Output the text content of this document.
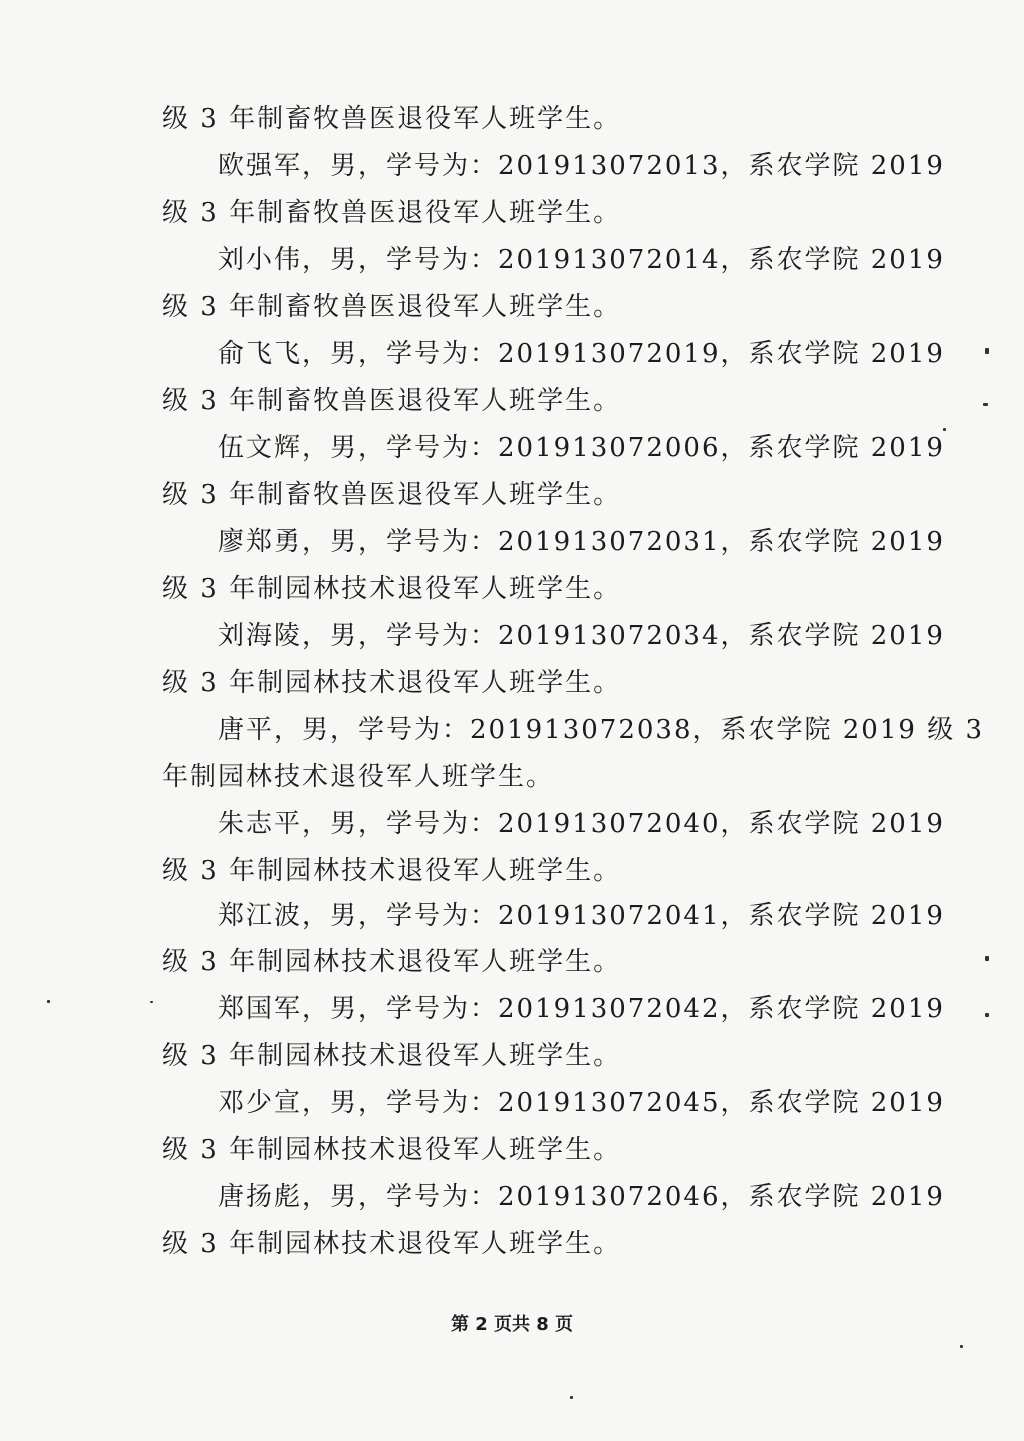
级 3 年制畜牧兽医退役军人班学生。
欧强军，男，学号为：201913072013，系农学院 2019
级 3 年制畜牧兽医退役军人班学生。
刘小伟，男，学号为：201913072014，系农学院 2019
级 3 年制畜牧兽医退役军人班学生。
俞飞飞，男，学号为：201913072019，系农学院 2019
级 3 年制畜牧兽医退役军人班学生。
伍文辉，男，学号为：201913072006，系农学院 2019
级 3 年制畜牧兽医退役军人班学生。
廖郑勇，男，学号为：201913072031，系农学院 2019
级 3 年制园林技术退役军人班学生。
刘海陵，男，学号为：201913072034，系农学院 2019
级 3 年制园林技术退役军人班学生。
唐平，男，学号为：201913072038，系农学院 2019 级 3
年制园林技术退役军人班学生。
朱志平，男，学号为：201913072040，系农学院 2019
级 3 年制园林技术退役军人班学生。
郑江波，男，学号为：201913072041，系农学院 2019
级 3 年制园林技术退役军人班学生。
郑国军，男，学号为：201913072042，系农学院 2019
级 3 年制园林技术退役军人班学生。
邓少宣，男，学号为：201913072045，系农学院 2019
级 3 年制园林技术退役军人班学生。
唐扬彪，男，学号为：201913072046，系农学院 2019
级 3 年制园林技术退役军人班学生。
第 2 页共 8 页
